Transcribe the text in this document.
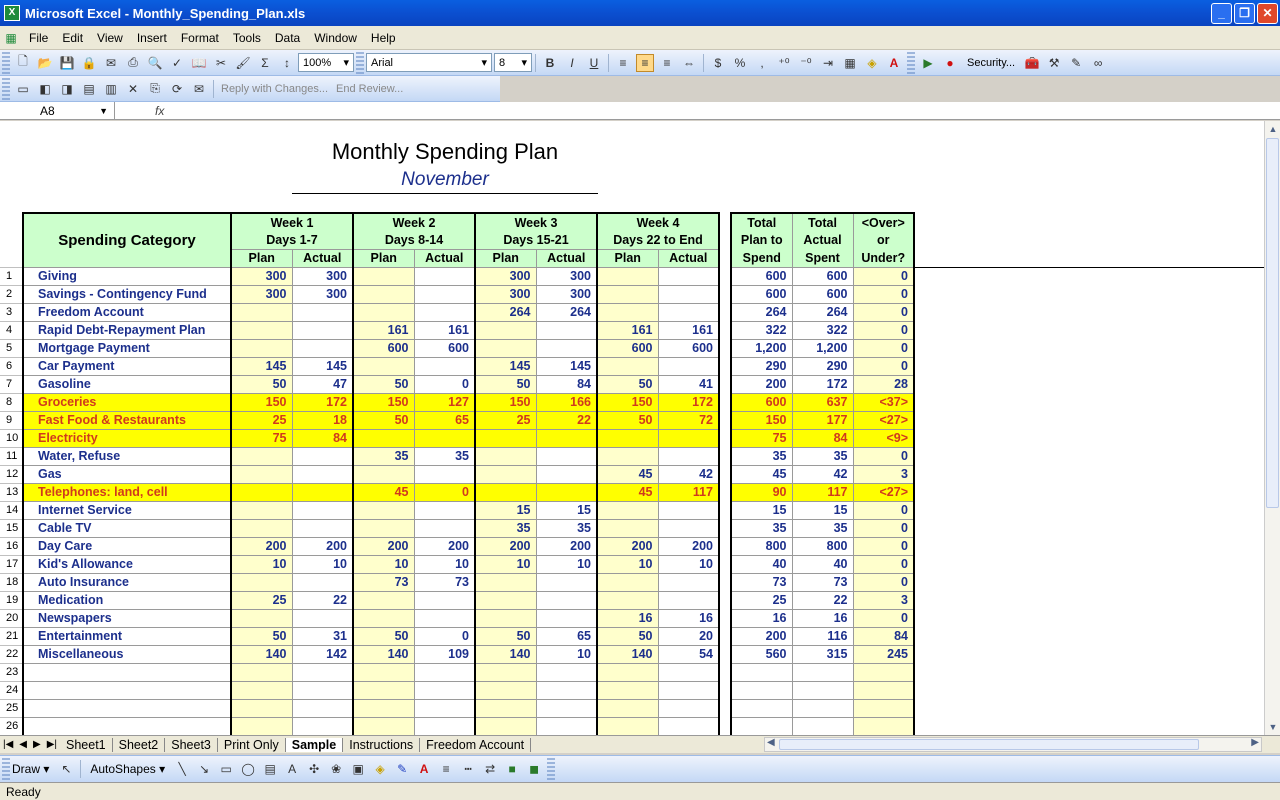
X Microsoft Excel - Monthly_Spending_Plan.xls	_	❐	✕
▦	File	Edit	View	Insert	Format	Tools	Data	Window	Help
Type a question for help
🗋 📂 💾 🔒 ✉	⎙ 🔍 ✓ 📖 ✂ 🖌 Σ	↕	100% ▾ Arial	▾ 8 ▾	B	I	U	≡	≡	≡	⇔	$	%	,	⁺⁰ ⁻⁰ ⇥ ▦ ◈	A	▶	●	Security... 🧰 ⚒ ✎	∞
▭ ◧ ◨ ▤ ▥ ✕	⎘	⟳ ✉	Reply with Changes... End Review...
A8	▼	fx
Monthly Spending Plan
November
	Spending Category	Week 1		Week 2		Week 3		Week 4			Total	Total	<Over>
		Days 1-7		Days 8-14		Days 15-21		Days 22 to End			Plan to	Actual	or
		Plan	Actual	Plan	Actual	Plan	Actual	Plan	Actual		Spend	Spent	Under?
1	Giving	300	300			300	300				600	600	0
2	Savings - Contingency Fund	300	300			300	300				600	600	0
3	Freedom Account					264	264				264	264	0
4	Rapid Debt-Repayment Plan			161	161			161	161		322	322	0
5	Mortgage Payment			600	600			600	600		1,200	1,200	0
6	Car Payment	145	145			145	145				290	290	0
7	Gasoline	50	47	50	0	50	84	50	41		200	172	28
8	Groceries	150	172	150	127	150	166	150	172		600	637	<37>
9	Fast Food & Restaurants	25	18	50	65	25	22	50	72		150	177	<27>
10	Electricity	75	84								75	84	<9>
11	Water, Refuse			35	35						35	35	0
12	Gas							45	42		45	42	3
13	Telephones: land, cell			45	0			45	117		90	117	<27>
14	Internet Service					15	15				15	15	0
15	Cable TV					35	35				35	35	0
16	Day Care	200	200	200	200	200	200	200	200		800	800	0
17	Kid's Allowance	10	10	10	10	10	10	10	10		40	40	0
18	Auto Insurance			73	73						73	73	0
19	Medication	25	22								25	22	3
20	Newspapers							16	16		16	16	0
21	Entertainment	50	31	50	0	50	65	50	20		200	116	84
22	Miscellaneous	140	142	140	109	140	10	140	54		560	315	245
23													
24													
25													
26													
▲
▼
|◀ ◀ ▶ ▶| Sheet1	Sheet2	Sheet3	Print Only	Sample	Instructions	Freedom Account	◀	▶
Draw ▾ ↖	AutoShapes ▾	╲	↘ ▭ ◯ ▤	A	✣ ❀ ▣ ◈	✎	A	≡	┅	⇄	■	◼
Ready
